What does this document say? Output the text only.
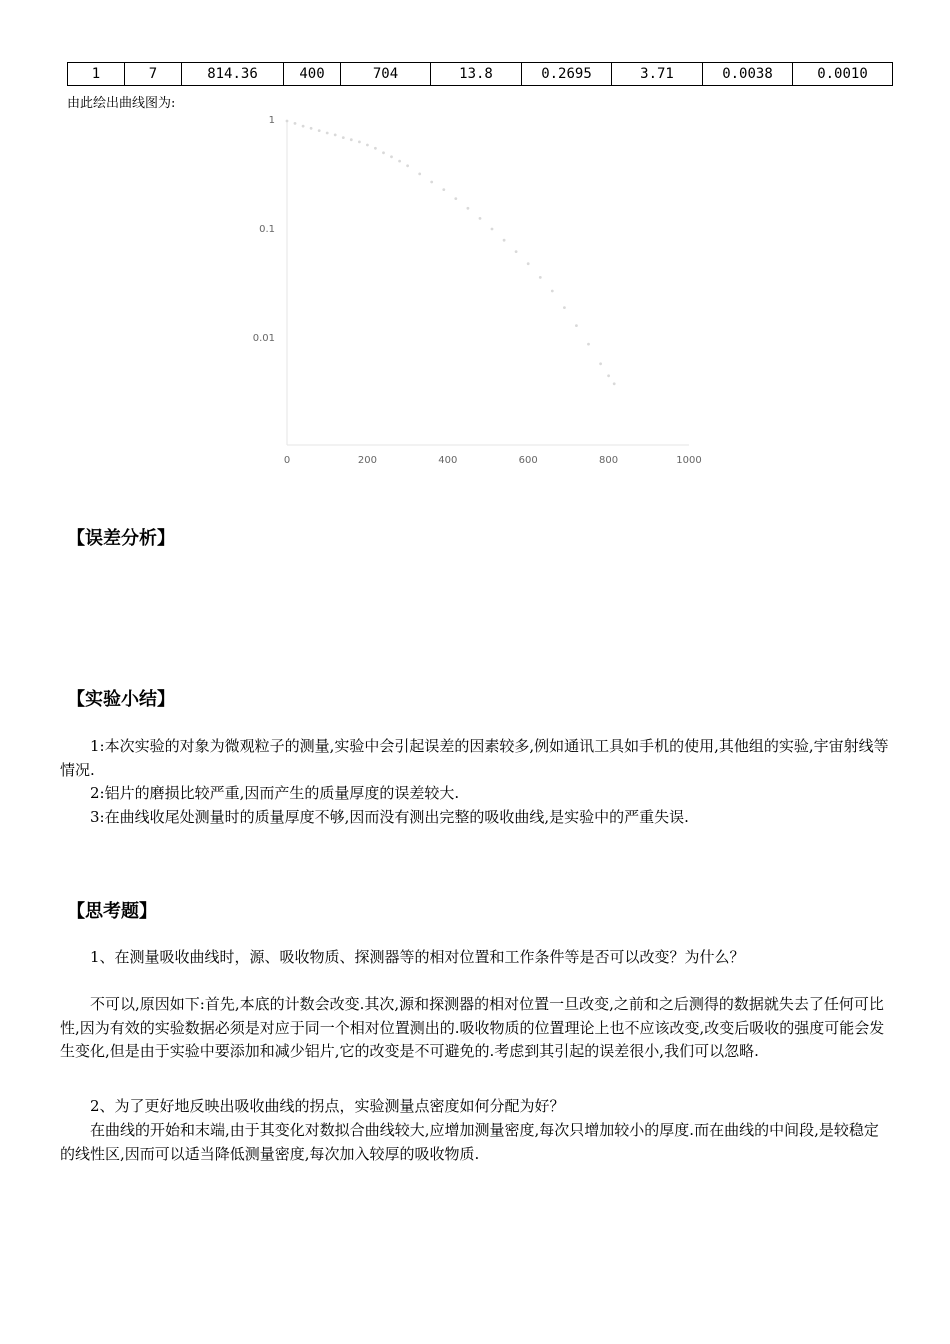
1	7	814.36	400	704	13.8	0.2695	3.71	0.0038	0.0010
由此绘出曲线图为:
0	200	400	600	800	1000
1
0.1
0.01
【误差分析】
【实验小结】

1:本次实验的对象为微观粒子的测量,实验中会引起误差的因素较多,例如通讯工具如手机的使用,其他组的实验,宇宙射线等情况.

2:铝片的磨损比较严重,因而产生的质量厚度的误差较大.

3:在曲线收尾处测量时的质量厚度不够,因而没有测出完整的吸收曲线,是实验中的严重失误.

【思考题】

1、在测量吸收曲线时，源、吸收物质、探测器等的相对位置和工作条件等是否可以改变？为什么？

不可以,原因如下:首先,本底的计数会改变.其次,源和探测器的相对位置一旦改变,之前和之后测得的数据就失去了任何可比性,因为有效的实验数据必须是对应于同一个相对位置测出的.吸收物质的位置理论上也不应该改变,改变后吸收的强度可能会发生变化,但是由于实验中要添加和减少铝片,它的改变是不可避免的.考虑到其引起的误差很小,我们可以忽略.

2、为了更好地反映出吸收曲线的拐点，实验测量点密度如何分配为好？

在曲线的开始和末端,由于其变化对数拟合曲线较大,应增加测量密度,每次只增加较小的厚度.而在曲线的中间段,是较稳定的线性区,因而可以适当降低测量密度,每次加入较厚的吸收物质.
